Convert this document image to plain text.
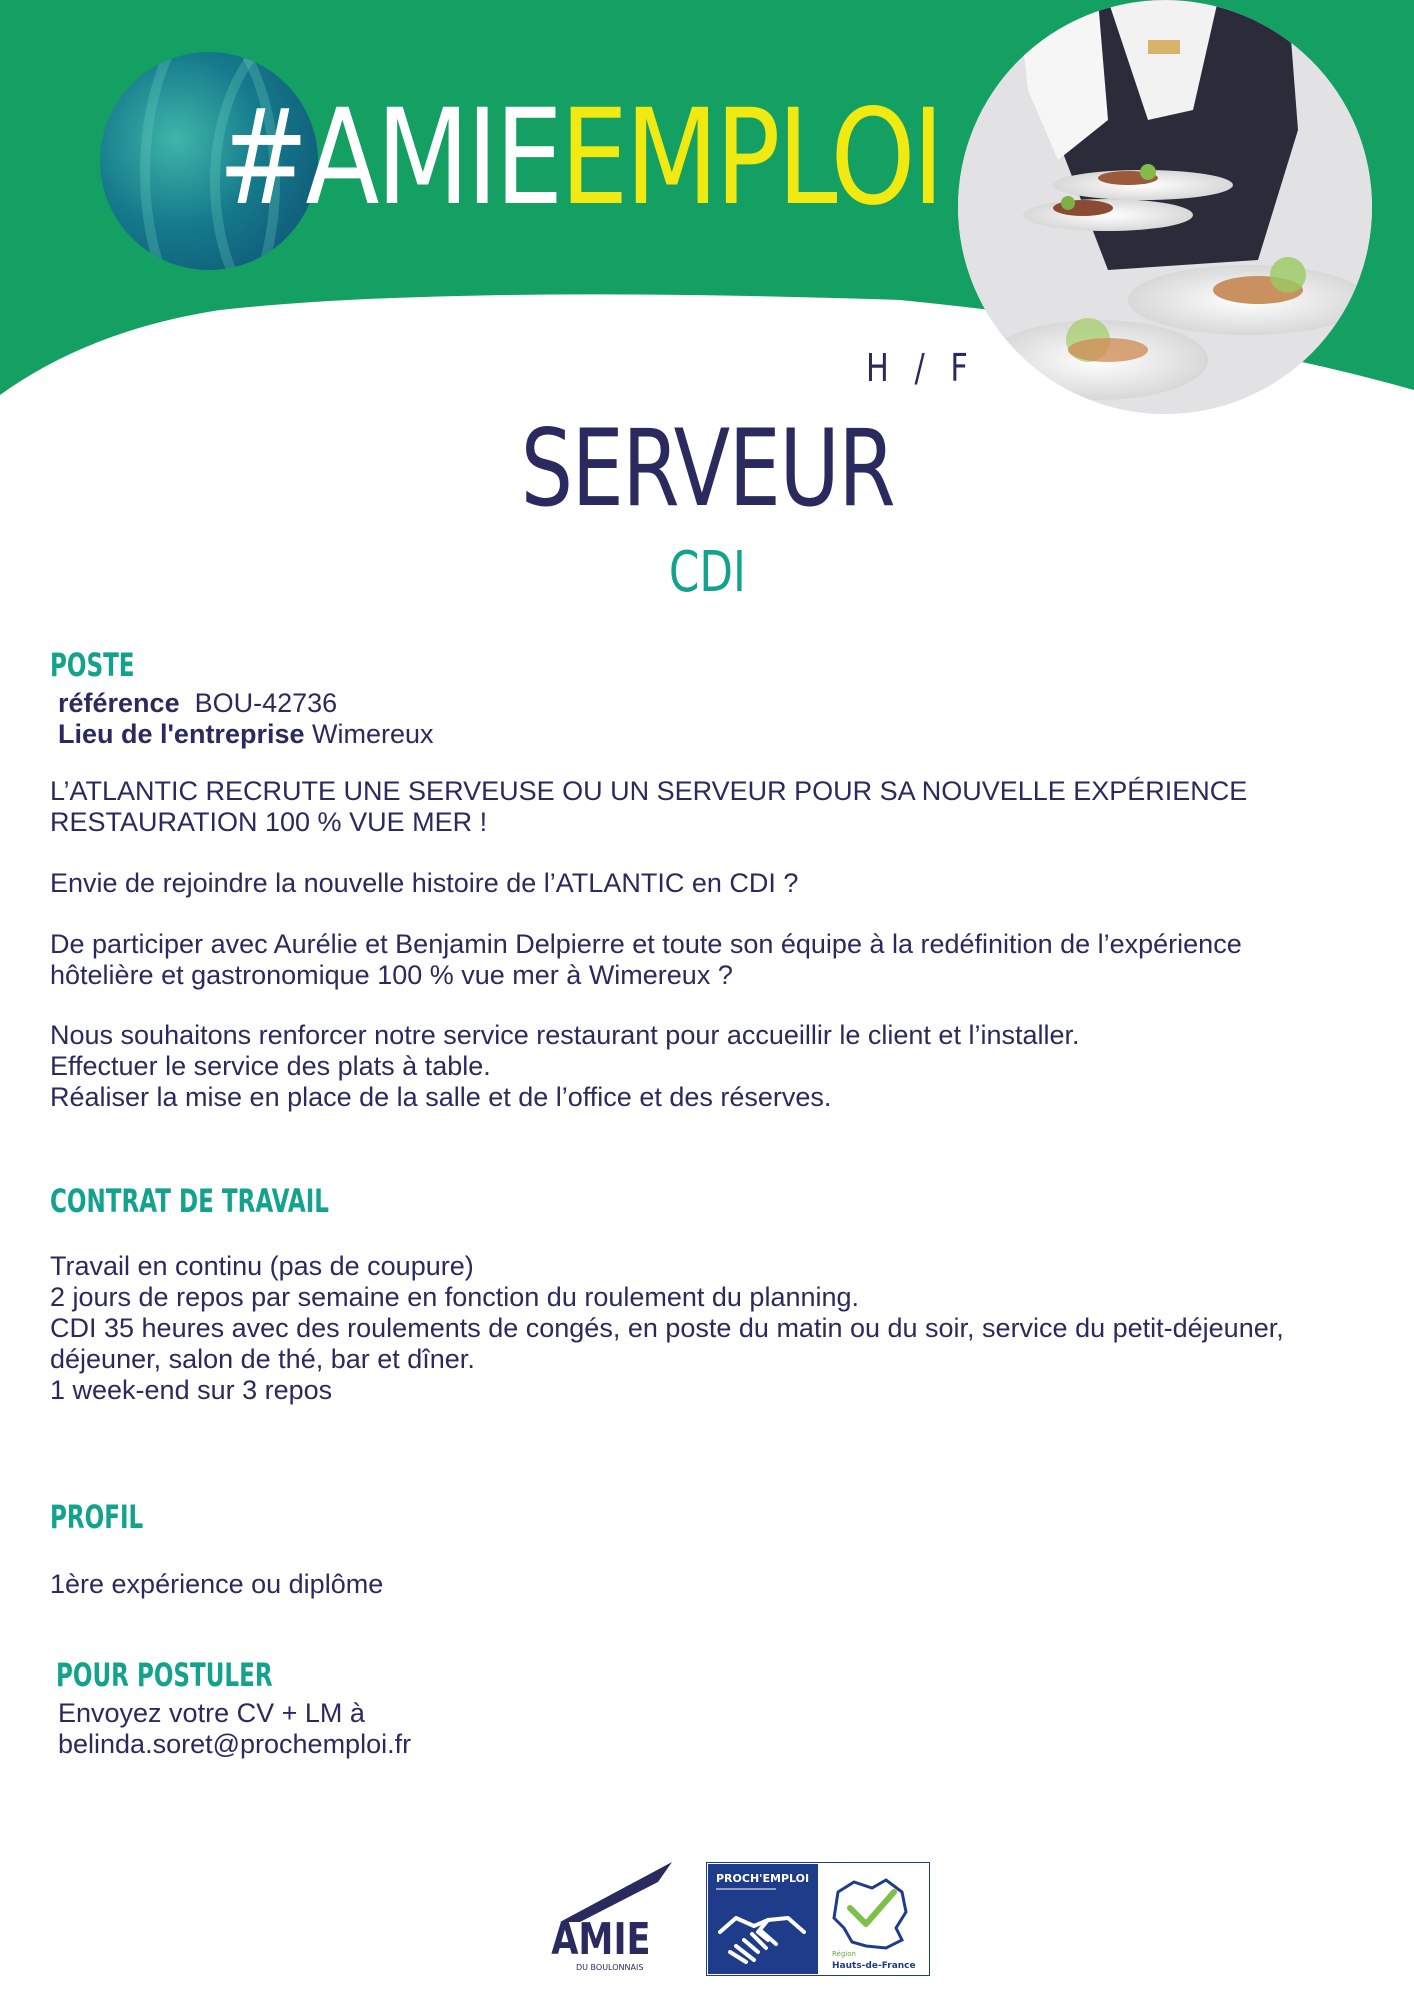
#AMIEEMPLOI
H / F
SERVEUR
CDI
POSTE
référence BOU-42736
Lieu de l'entreprise Wimereux
L’ATLANTIC RECRUTE UNE SERVEUSE OU UN SERVEUR POUR SA NOUVELLE EXPÉRIENCE RESTAURATION 100 % VUE MER !
Envie de rejoindre la nouvelle histoire de l’ATLANTIC en CDI ?
De participer avec Aurélie et Benjamin Delpierre et toute son équipe à la redéfinition de l’expérience hôtelière et gastronomique 100 % vue mer à Wimereux ?
Nous souhaitons renforcer notre service restaurant pour accueillir le client et l’installer.
Effectuer le service des plats à table.
Réaliser la mise en place de la salle et de l’office et des réserves.
CONTRAT DE TRAVAIL
Travail en continu (pas de coupure)
2 jours de repos par semaine en fonction du roulement du planning.
CDI 35 heures avec des roulements de congés, en poste du matin ou du soir, service du petit-déjeuner, déjeuner, salon de thé, bar et dîner.
1 week-end sur 3 repos
PROFIL
1ère expérience ou diplôme
POUR POSTULER
Envoyez votre CV + LM à
belinda.soret@prochemploi.fr
AMIE
DU BOULONNAIS
PROCH'EMPLOI
Région
Hauts-de-France
